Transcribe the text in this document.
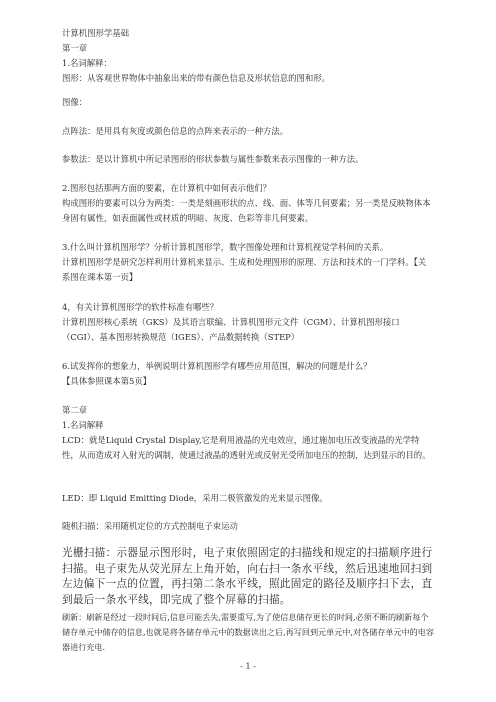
计算机图形学基础

第一章

1.名词解释：

图形：从客观世界物体中抽象出来的带有颜色信息及形状信息的图和形。

图像：

点阵法：是用具有灰度或颜色信息的点阵来表示的一种方法。

参数法：是以计算机中所记录图形的形状参数与属性参数来表示图像的一种方法。

2.图形包括那两方面的要素，在计算机中如何表示他们？

构成图形的要素可以分为两类：一类是刻画形状的点、线、面、体等几何要素；另一类是反映物体本身固有属性，如表面属性或材质的明暗、灰度、色彩等非几何要素。

3.什么叫计算机图形学？分析计算机图形学，数字图像处理和计算机视觉学科间的关系。

计算机图形学是研究怎样利用计算机来显示、生成和处理图形的原理、方法和技术的一门学科。【关系图在课本第一页】

4，有关计算机图形学的软件标准有哪些？

计算机图形核心系统（GKS）及其语言联编、计算机图形元文件（CGM）、计算机图形接口（CGI）、基本图形转换规范（IGES）、产品数据转换（STEP）

6.试发挥你的想象力，举例说明计算机图形学有哪些应用范围，解决的问题是什么？

【具体参照课本第5页】

第二章

1.名词解释

LCD：就是Liquid Crystal Display,它是利用液晶的光电效应，通过施加电压改变液晶的光学特性，从而造成对入射光的调制，使通过液晶的透射光或反射光受所加电压的控制，达到显示的目的。

LED：即 Liquid Emitting Diode，采用二极管激发的光来显示图像。

随机扫描：采用随机定位的方式控制电子束运动

光栅扫描：示器显示图形时，电子束依照固定的扫描线和规定的扫描顺序进行扫描。电子束先从荧光屏左上角开始，向右扫一条水平线，然后迅速地回扫到左边偏下一点的位置，再扫第二条水平线，照此固定的路径及顺序扫下去，直到最后一条水平线，即完成了整个屏幕的扫描。

刷新：刷新是经过一段时间后,信息可能丢失,需要重写,为了使信息储存更长的时间,必须不断的刷新每个储存单元中储存的信息,也就是将各储存单元中的数据读出之后,再写回到元单元中,对各储存单元中的电容器进行充电.

- 1 -
